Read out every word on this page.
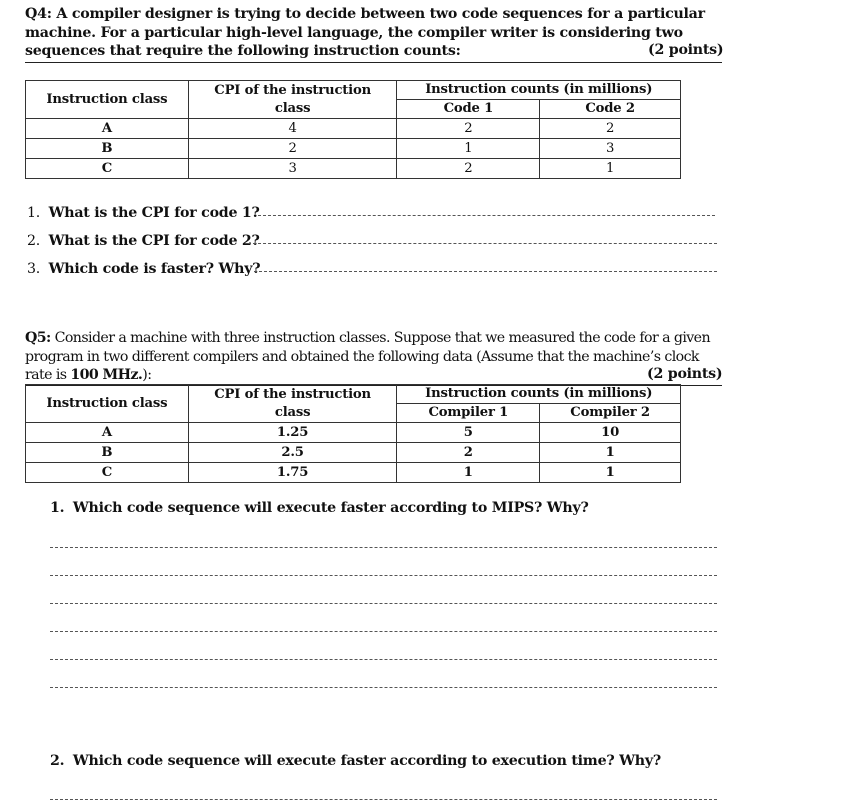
Q4: A compiler designer is trying to decide between two code sequences for a particular
machine. For a particular high-level language, the compiler writer is considering two
sequences that require the following instruction counts:	(2 points)
Instruction class	CPI of the instruction
class	Instruction counts (in millions)	
		Code 1	Code 2
A	4	2	2
B	2	1	3
C	3	2	1
1. What is the CPI for code 1?
2. What is the CPI for code 2?
3. Which code is faster? Why?
Q5: Consider a machine with three instruction classes. Suppose that we measured the code for a given
program in two different compilers and obtained the following data (Assume that the machine’s clock
rate is 100 MHz.):	(2 points)
Instruction class	CPI of the instruction
class	Instruction counts (in millions)	
		Compiler 1	Compiler 2
A	1.25	5	10
B	2.5	2	1
C	1.75	1	1
1. Which code sequence will execute faster according to MIPS? Why?
2. Which code sequence will execute faster according to execution time? Why?
